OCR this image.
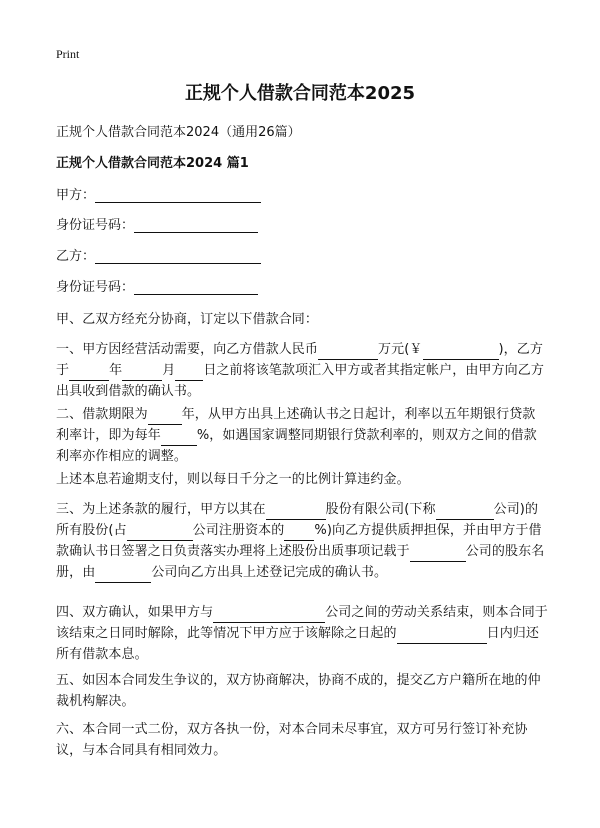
Print
正规个人借款合同范本2025
正规个人借款合同范本2024（通用26篇）
正规个人借款合同范本2024 篇1
甲方：
身份证号码：
乙方：
身份证号码：

甲、乙双方经充分协商，订定以下借款合同：

一、甲方因经营活动需要，向乙方借款人民币	万元(￥	)，乙方于	年	月 日之前将该笔款项汇入甲方或者其指定帐户，由甲方向乙方出具收到借款的确认书。

二、借款期限为	年，从甲方出具上述确认书之日起计，利率以五年期银行贷款利率计，即为每年	%，如遇国家调整同期银行贷款利率的，则双方之间的借款利率亦作相应的调整。

上述本息若逾期支付，则以每日千分之一的比例计算违约金。

三、为上述条款的履行，甲方以其在	股份有限公司(下称	公司)的所有股份(占	公司注册资本的 %)向乙方提供质押担保，并由甲方于借款确认书日签署之日负责落实办理将上述股份出质事项记载于	公司的股东名册，由	公司向乙方出具上述登记完成的确认书。

四、双方确认，如果甲方与	公司之间的劳动关系结束，则本合同于该结束之日同时解除，此等情况下甲方应于该解除之日起的	日内归还所有借款本息。

五、如因本合同发生争议的，双方协商解决，协商不成的，提交乙方户籍所在地的仲裁机构解决。

六、本合同一式二份，双方各执一份，对本合同未尽事宜，双方可另行签订补充协议，与本合同具有相同效力。
